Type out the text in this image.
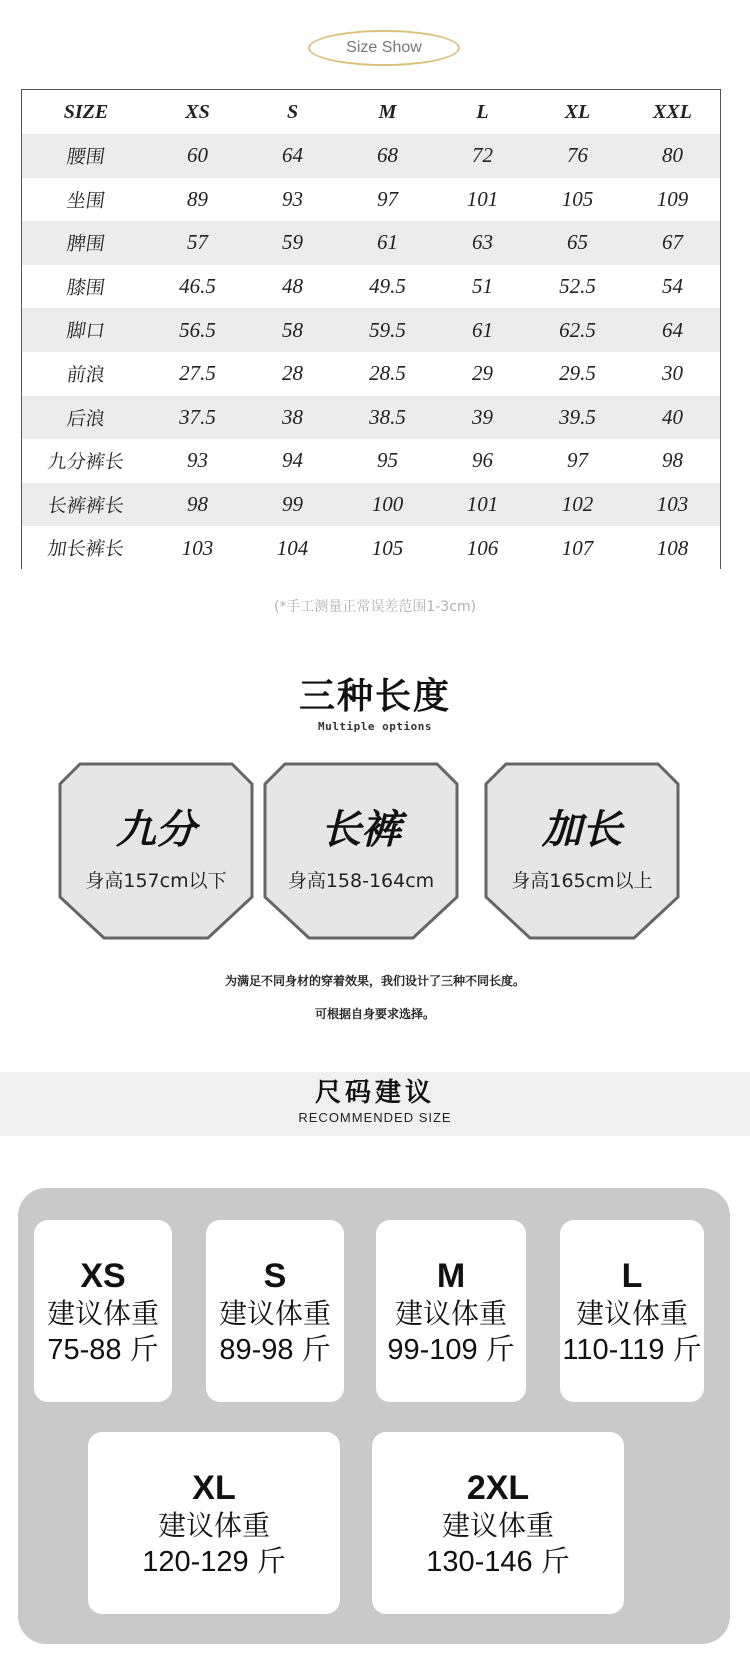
Size Show
SIZE	XS	S	M	L	XL	XXL
腰围	60	64	68	72	76	80
坐围	89	93	97	101	105	109
脾围	57	59	61	63	65	67
膝围	46.5	48	49.5	51	52.5	54
脚口	56.5	58	59.5	61	62.5	64
前浪	27.5	28	28.5	29	29.5	30
后浪	37.5	38	38.5	39	39.5	40
九分裤长	93	94	95	96	97	98
长裤裤长	98	99	100	101	102	103
加长裤长	103	104	105	106	107	108
(*手工测量正常误差范围1-3cm)
三种长度
Multiple options
九分
身高157cm以下
长裤
身高158-164cm
加长
身高165cm以上
为满足不同身材的穿着效果，我们设计了三种不同长度。
可根据自身要求选择。
尺码建议
RECOMMENDED SIZE
XS
建议体重
75-88 斤
S
建议体重
89-98 斤
M
建议体重
99-109 斤
L
建议体重
110-119 斤
XL
建议体重
120-129 斤
2XL
建议体重
130-146 斤
